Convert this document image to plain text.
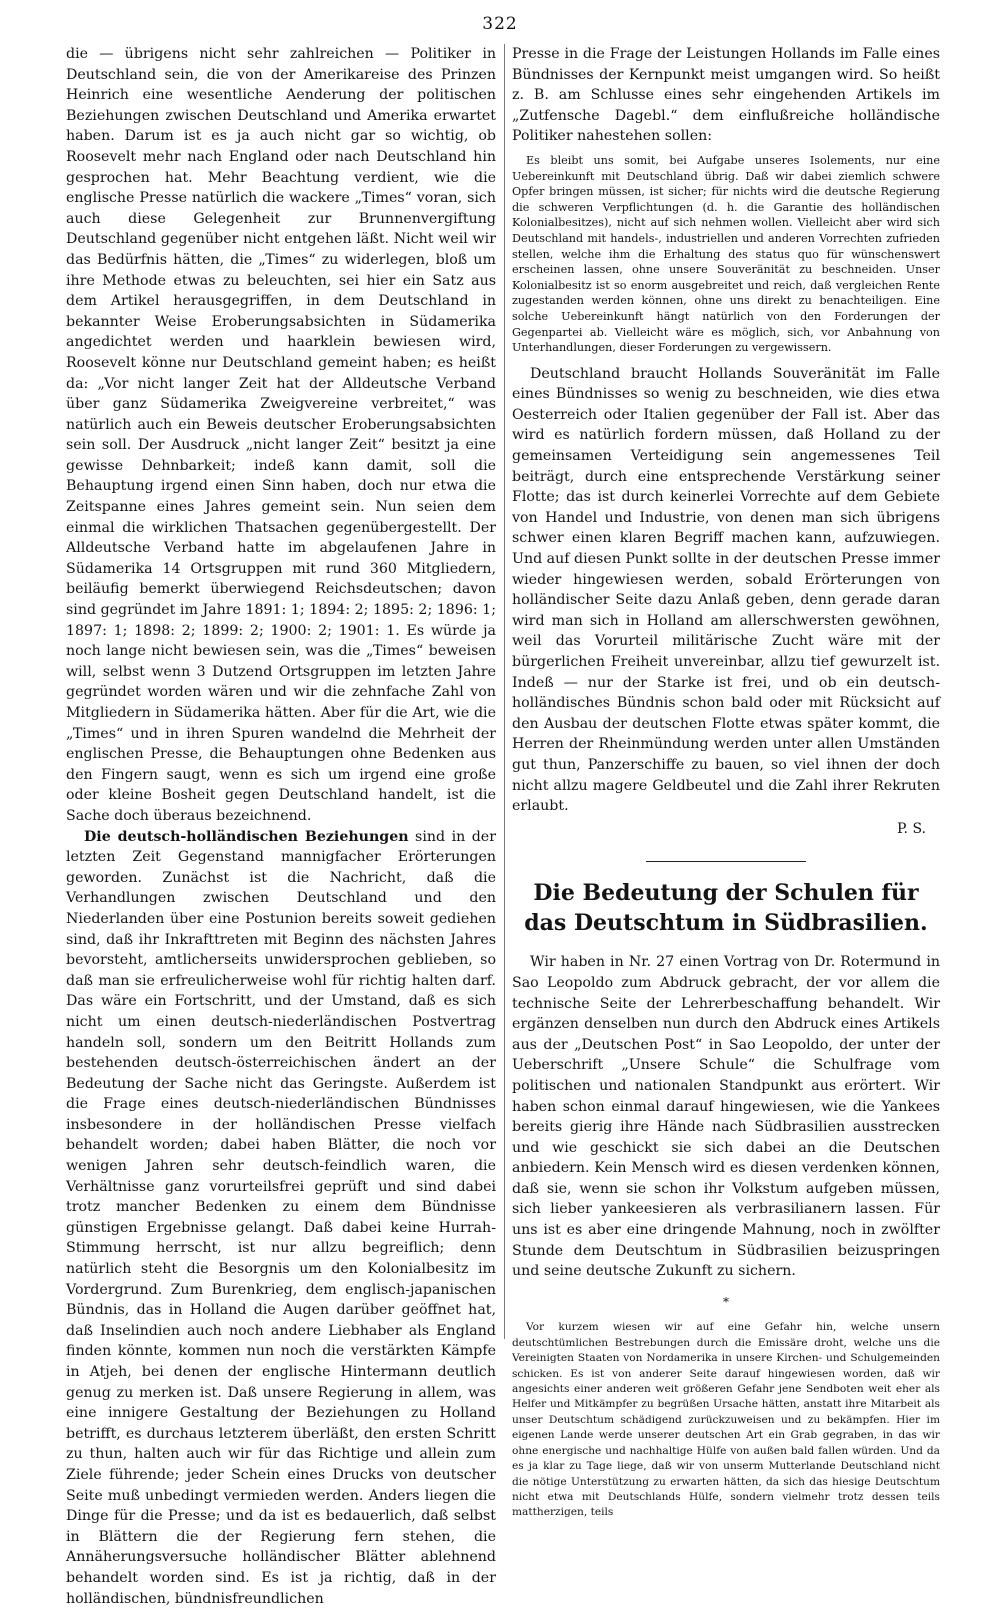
322

die — übrigens nicht sehr zahlreichen — Politiker in Deutschland sein, die von der Amerikareise des Prinzen Heinrich eine wesentliche Aenderung der politischen Beziehungen zwischen Deutschland und Amerika erwartet haben. Darum ist es ja auch nicht gar so wichtig, ob Roosevelt mehr nach England oder nach Deutschland hin gesprochen hat. Mehr Beachtung verdient, wie die englische Presse natürlich die wackere „Times“ voran, sich auch diese Gelegenheit zur Brunnenvergiftung Deutschland gegenüber nicht entgehen läßt. Nicht weil wir das Bedürfnis hätten, die „Times“ zu widerlegen, bloß um ihre Methode etwas zu beleuchten, sei hier ein Satz aus dem Artikel herausgegriffen, in dem Deutschland in bekannter Weise Eroberungsabsichten in Südamerika angedichtet werden und haarklein bewiesen wird, Roosevelt könne nur Deutschland gemeint haben; es heißt da: „Vor nicht langer Zeit hat der Alldeutsche Verband über ganz Südamerika Zweigvereine verbreitet,“ was natürlich auch ein Beweis deutscher Eroberungsabsichten sein soll. Der Ausdruck „nicht langer Zeit“ besitzt ja eine gewisse Dehnbarkeit; indeß kann damit, soll die Behauptung irgend einen Sinn haben, doch nur etwa die Zeitspanne eines Jahres gemeint sein. Nun seien dem einmal die wirklichen Thatsachen gegenübergestellt. Der Alldeutsche Verband hatte im abgelaufenen Jahre in Südamerika 14 Ortsgruppen mit rund 360 Mitgliedern, beiläufig bemerkt überwiegend Reichsdeutschen; davon sind gegründet im Jahre 1891: 1; 1894: 2; 1895: 2; 1896: 1; 1897: 1; 1898: 2; 1899: 2; 1900: 2; 1901: 1. Es würde ja noch lange nicht bewiesen sein, was die „Times“ beweisen will, selbst wenn 3 Dutzend Ortsgruppen im letzten Jahre gegründet worden wären und wir die zehnfache Zahl von Mitgliedern in Südamerika hätten. Aber für die Art, wie die „Times“ und in ihren Spuren wandelnd die Mehrheit der englischen Presse, die Behauptungen ohne Bedenken aus den Fingern saugt, wenn es sich um irgend eine große oder kleine Bosheit gegen Deutschland handelt, ist die Sache doch überaus bezeichnend.

Die deutsch-holländischen Beziehungen sind in der letzten Zeit Gegenstand mannigfacher Erörterungen geworden. Zunächst ist die Nachricht, daß die Verhandlungen zwischen Deutschland und den Niederlanden über eine Postunion bereits soweit gediehen sind, daß ihr Inkrafttreten mit Beginn des nächsten Jahres bevorsteht, amtlicherseits unwidersprochen geblieben, so daß man sie erfreulicherweise wohl für richtig halten darf. Das wäre ein Fortschritt, und der Umstand, daß es sich nicht um einen deutsch-niederländischen Postvertrag handeln soll, sondern um den Beitritt Hollands zum bestehenden deutsch-österreichischen ändert an der Bedeutung der Sache nicht das Geringste. Außerdem ist die Frage eines deutsch-niederländischen Bündnisses insbesondere in der holländischen Presse vielfach behandelt worden; dabei haben Blätter, die noch vor wenigen Jahren sehr deutsch-feindlich waren, die Verhältnisse ganz vorurteilsfrei geprüft und sind dabei trotz mancher Bedenken zu einem dem Bündnisse günstigen Ergebnisse gelangt. Daß dabei keine Hurrah-Stimmung herrscht, ist nur allzu begreiflich; denn natürlich steht die Besorgnis um den Kolonialbesitz im Vordergrund. Zum Burenkrieg, dem englisch-japanischen Bündnis, das in Holland die Augen darüber geöffnet hat, daß Inselindien auch noch andere Liebhaber als England finden könnte, kommen nun noch die verstärkten Kämpfe in Atjeh, bei denen der englische Hintermann deutlich genug zu merken ist. Daß unsere Regierung in allem, was eine innigere Gestaltung der Beziehungen zu Holland betrifft, es durchaus letzterem überläßt, den ersten Schritt zu thun, halten auch wir für das Richtige und allein zum Ziele führende; jeder Schein eines Drucks von deutscher Seite muß unbedingt vermieden werden. Anders liegen die Dinge für die Presse; und da ist es bedauerlich, daß selbst in Blättern die der Regierung fern stehen, die Annäherungsversuche holländischer Blätter ablehnend behandelt worden sind. Es ist ja richtig, daß in der holländischen, bündnisfreundlichen

Presse in die Frage der Leistungen Hollands im Falle eines Bündnisses der Kernpunkt meist umgangen wird. So heißt z. B. am Schlusse eines sehr eingehenden Artikels im „Zutfensche Dagebl.“ dem einflußreiche holländische Politiker nahestehen sollen:

Es bleibt uns somit, bei Aufgabe unseres Isolements, nur eine Uebereinkunft mit Deutschland übrig. Daß wir dabei ziemlich schwere Opfer bringen müssen, ist sicher; für nichts wird die deutsche Regierung die schweren Verpflichtungen (d. h. die Garantie des holländischen Kolonialbesitzes), nicht auf sich nehmen wollen. Vielleicht aber wird sich Deutschland mit handels-, industriellen und anderen Vorrechten zufrieden stellen, welche ihm die Erhaltung des status quo für wünschenswert erscheinen lassen, ohne unsere Souveränität zu beschneiden. Unser Kolonialbesitz ist so enorm ausgebreitet und reich, daß vergleichen Rente zugestanden werden können, ohne uns direkt zu benachteiligen. Eine solche Uebereinkunft hängt natürlich von den Forderungen der Gegenpartei ab. Vielleicht wäre es möglich, sich, vor Anbahnung von Unterhandlungen, dieser Forderungen zu vergewissern.

Deutschland braucht Hollands Souveränität im Falle eines Bündnisses so wenig zu beschneiden, wie dies etwa Oesterreich oder Italien gegenüber der Fall ist. Aber das wird es natürlich fordern müssen, daß Holland zu der gemeinsamen Verteidigung sein angemessenes Teil beiträgt, durch eine entsprechende Verstärkung seiner Flotte; das ist durch keinerlei Vorrechte auf dem Gebiete von Handel und Industrie, von denen man sich übrigens schwer einen klaren Begriff machen kann, aufzuwiegen. Und auf diesen Punkt sollte in der deutschen Presse immer wieder hingewiesen werden, sobald Erörterungen von holländischer Seite dazu Anlaß geben, denn gerade daran wird man sich in Holland am allerschwersten gewöhnen, weil das Vorurteil militärische Zucht wäre mit der bürgerlichen Freiheit unvereinbar, allzu tief gewurzelt ist. Indeß — nur der Starke ist frei, und ob ein deutsch-holländisches Bündnis schon bald oder mit Rücksicht auf den Ausbau der deutschen Flotte etwas später kommt, die Herren der Rheinmündung werden unter allen Umständen gut thun, Panzerschiffe zu bauen, so viel ihnen der doch nicht allzu magere Geldbeutel und die Zahl ihrer Rekruten erlaubt.

P. S.
Die Bedeutung der Schulen für das Deutschtum in Südbrasilien.

Wir haben in Nr. 27 einen Vortrag von Dr. Rotermund in Sao Leopoldo zum Abdruck gebracht, der vor allem die technische Seite der Lehrerbeschaffung behandelt. Wir ergänzen denselben nun durch den Abdruck eines Artikels aus der „Deutschen Post“ in Sao Leopoldo, der unter der Ueberschrift „Unsere Schule“ die Schulfrage vom politischen und nationalen Standpunkt aus erörtert. Wir haben schon einmal darauf hingewiesen, wie die Yankees bereits gierig ihre Hände nach Südbrasilien ausstrecken und wie geschickt sie sich dabei an die Deutschen anbiedern. Kein Mensch wird es diesen verdenken können, daß sie, wenn sie schon ihr Volkstum aufgeben müssen, sich lieber yankeesieren als verbrasilianern lassen. Für uns ist es aber eine dringende Mahnung, noch in zwölfter Stunde dem Deutschtum in Südbrasilien beizuspringen und seine deutsche Zukunft zu sichern.

*

Vor kurzem wiesen wir auf eine Gefahr hin, welche unsern deutschtümlichen Bestrebungen durch die Emissäre droht, welche uns die Vereinigten Staaten von Nordamerika in unsere Kirchen- und Schulgemeinden schicken. Es ist von anderer Seite darauf hingewiesen worden, daß wir angesichts einer anderen weit größeren Gefahr jene Sendboten weit eher als Helfer und Mitkämpfer zu begrüßen Ursache hätten, anstatt ihre Mitarbeit als unser Deutschtum schädigend zurückzuweisen und zu bekämpfen. Hier im eigenen Lande werde unserer deutschen Art ein Grab gegraben, in das wir ohne energische und nachhaltige Hülfe von außen bald fallen würden. Und da es ja klar zu Tage liege, daß wir von unserm Mutterlande Deutschland nicht die nötige Unterstützung zu erwarten hätten, da sich das hiesige Deutschtum nicht etwa mit Deutschlands Hülfe, sondern vielmehr trotz dessen teils mattherzigen, teils
